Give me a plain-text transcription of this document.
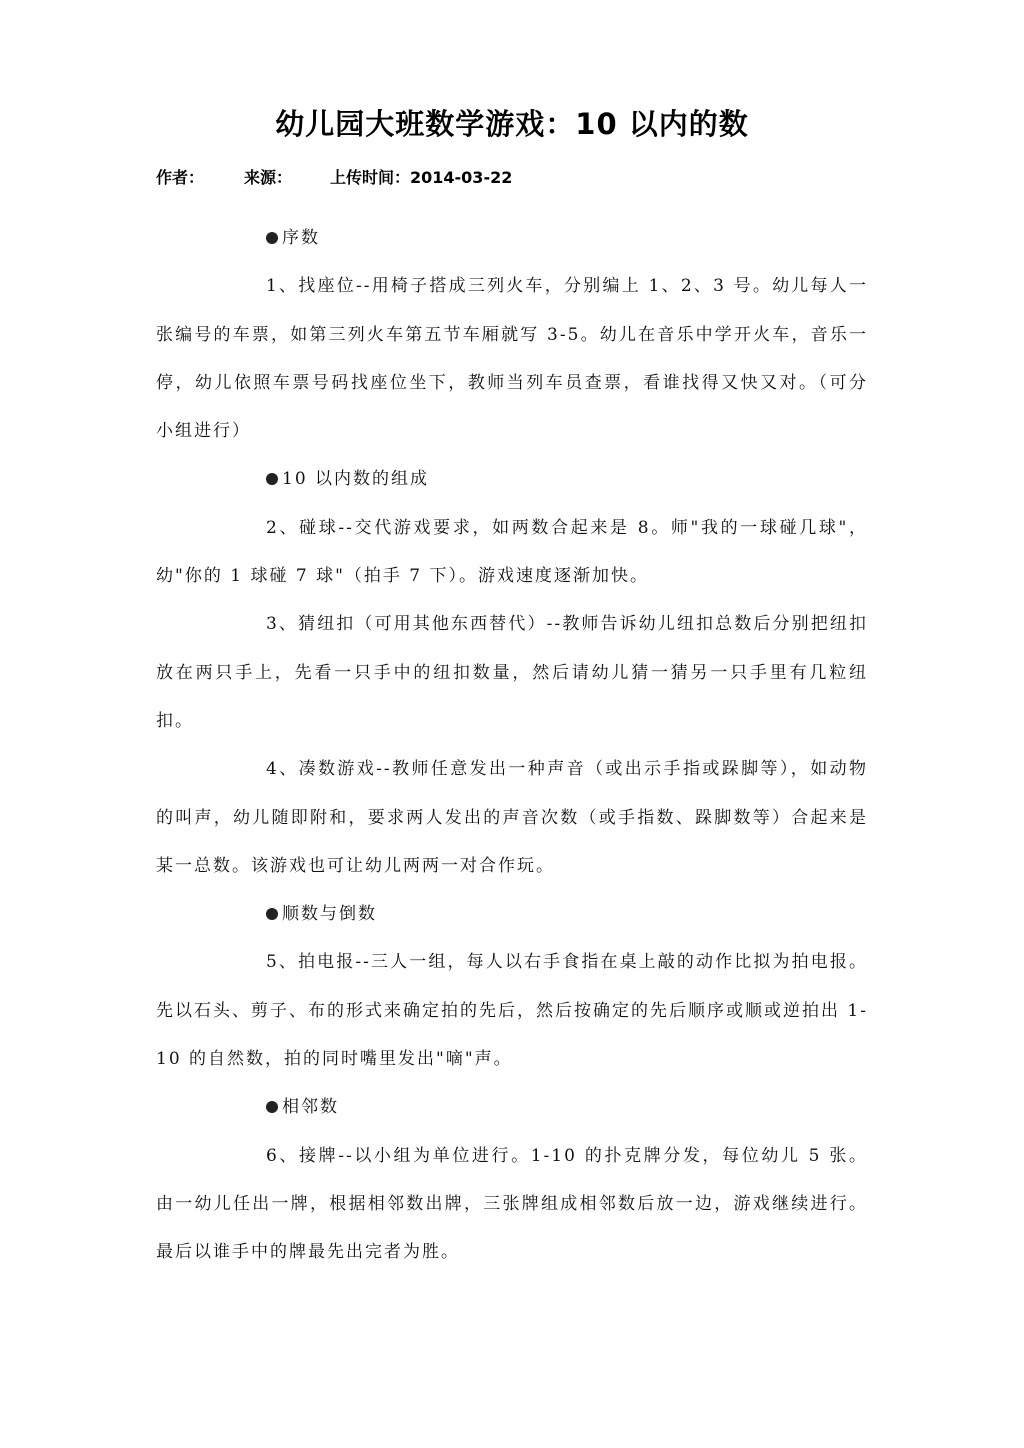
幼儿园大班数学游戏：10 以内的数
作者： 来源： 上传时间：2014-03-22

序数

1、找座位--用椅子搭成三列火车，分别编上 1、2、3 号。幼儿每人一张编号的车票，如第三列火车第五节车厢就写 3-5。幼儿在音乐中学开火车，音乐一停，幼儿依照车票号码找座位坐下，教师当列车员查票，看谁找得又快又对。（可分小组进行）

10 以内数的组成

2、碰球--交代游戏要求，如两数合起来是 8。师"我的一球碰几球"，幼"你的 1 球碰 7 球"（拍手 7 下）。游戏速度逐渐加快。

3、猜纽扣（可用其他东西替代）--教师告诉幼儿纽扣总数后分别把纽扣放在两只手上，先看一只手中的纽扣数量，然后请幼儿猜一猜另一只手里有几粒纽扣。

4、凑数游戏--教师任意发出一种声音（或出示手指或跺脚等），如动物的叫声，幼儿随即附和，要求两人发出的声音次数（或手指数、跺脚数等）合起来是某一总数。该游戏也可让幼儿两两一对合作玩。

顺数与倒数

5、拍电报--三人一组，每人以右手食指在桌上敲的动作比拟为拍电报。先以石头、剪子、布的形式来确定拍的先后，然后按确定的先后顺序或顺或逆拍出 1-10 的自然数，拍的同时嘴里发出"嘀"声。

相邻数

6、接牌--以小组为单位进行。1-10 的扑克牌分发，每位幼儿 5 张。由一幼儿任出一牌，根据相邻数出牌，三张牌组成相邻数后放一边，游戏继续进行。最后以谁手中的牌最先出完者为胜。
